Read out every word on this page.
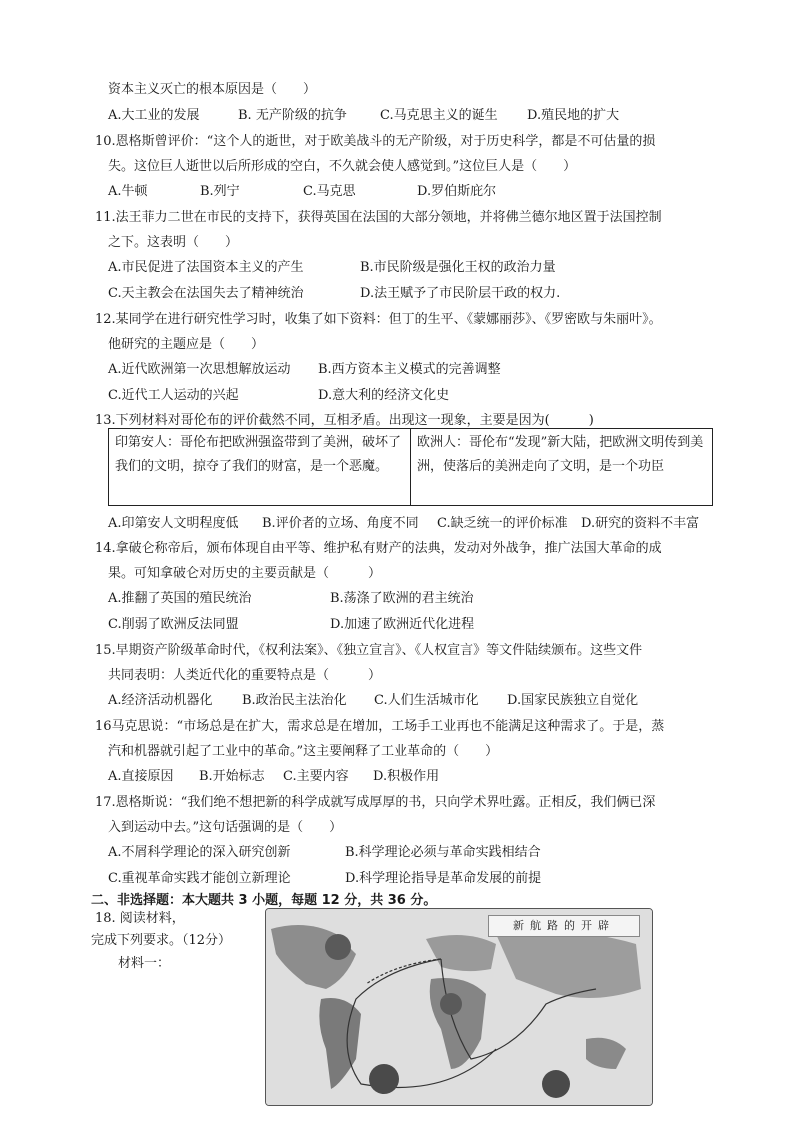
资本主义灭亡的根本原因是（　　）
A.大工业的发展	B. 无产阶级的抗争	C.马克思主义的诞生 D.殖民地的扩大
10.恩格斯曾评价：“这个人的逝世，对于欧美战斗的无产阶级，对于历史科学，都是不可估量的损
失。这位巨人逝世以后所形成的空白，不久就会使人感觉到。”这位巨人是（　　）
A.牛顿	B.列宁	C.马克思	D.罗伯斯庇尔
11.法王菲力二世在市民的支持下，获得英国在法国的大部分领地，并将佛兰德尔地区置于法国控制
之下。这表明（　　）
A.市民促进了法国资本主义的产生	B.市民阶级是强化王权的政治力量
C.天主教会在法国失去了精神统治	D.法王赋予了市民阶层干政的权力.
12.某同学在进行研究性学习时，收集了如下资料：但丁的生平、《蒙娜丽莎》、《罗密欧与朱丽叶》。
他研究的主题应是（　　）
A.近代欧洲第一次思想解放运动 B.西方资本主义模式的完善调整
C.近代工人运动的兴起	D.意大利的经济文化史
13.下列材料对哥伦布的评价截然不同，互相矛盾。出现这一现象，主要是因为(　　　)
印第安人：哥伦布把欧洲强盗带到了美洲，破坏了我们的文明，掠夺了我们的财富，是一个恶魔。	欧洲人：哥伦布“发现”新大陆，把欧洲文明传到美洲，使落后的美洲走向了文明，是一个功臣
A.印第安人文明程度低 B.评价者的立场、角度不同 C.缺乏统一的评价标准 D.研究的资料不丰富
14.拿破仑称帝后，颁布体现自由平等、维护私有财产的法典，发动对外战争，推广法国大革命的成
果。可知拿破仑对历史的主要贡献是（　　　）
A.推翻了英国的殖民统治	B.荡涤了欧洲的君主统治
C.削弱了欧洲反法同盟	D.加速了欧洲近代化进程
15.早期资产阶级革命时代，《权利法案》、《独立宣言》、《人权宣言》等文件陆续颁布。这些文件
共同表明：人类近代化的重要特点是（　　　）
A.经济活动机器化 B.政治民主法治化 C.人们生活城市化 D.国家民族独立自觉化
16马克思说：“市场总是在扩大，需求总是在增加，工场手工业再也不能满足这种需求了。于是，蒸
汽和机器就引起了工业中的革命。”这主要阐释了工业革命的（　　）
A.直接原因 B.开始标志 C.主要内容 D.积极作用
17.恩格斯说：“我们绝不想把新的科学成就写成厚厚的书，只向学术界吐露。正相反，我们俩已深
入到运动中去。”这句话强调的是（　　）
A.不屑科学理论的深入研究创新	B.科学理论必须与革命实践相结合
C.重视革命实践才能创立新理论	D.科学理论指导是革命发展的前提
二、非选择题：本大题共 3 小题，每题 12 分，共 36 分。
18. 阅读材料，
完成下列要求。（12分）
材料一：
新航路的开辟
